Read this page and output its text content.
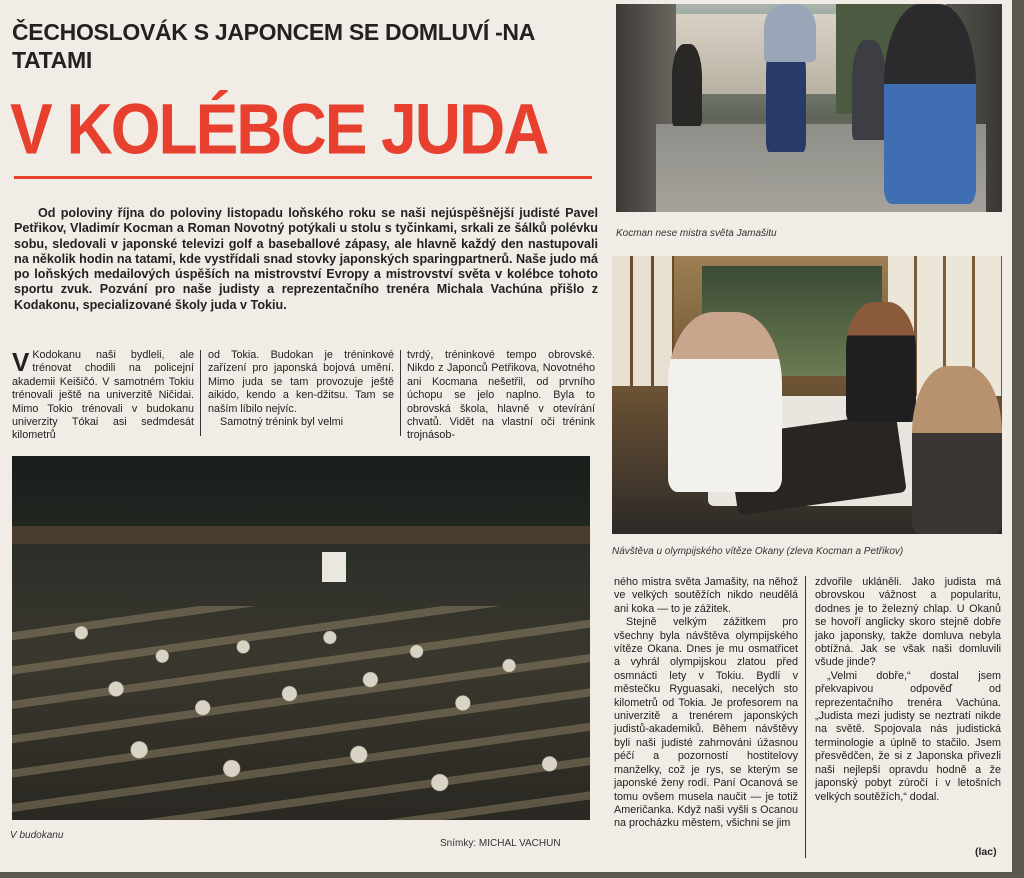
ČECHOSLOVÁK S JAPONCEM SE DOMLUVÍ -NA TATAMI
V KOLÉBCE JUDA

Od poloviny října do poloviny listopadu loňského roku se naši nejúspěšnější judisté Pavel Petřikov, Vladimír Kocman a Roman Novotný potýkali u stolu s tyčinkami, srkali ze šálků polévku sobu, sledovali v japonské televizi golf a baseballové zápasy, ale hlavně každý den nastupovali na několik hodin na tatami, kde vystřídali snad stovky japonských sparingpartnerů. Naše judo má po loňských medailových úspěších na mistrovství Evropy a mistrovství světa v kolébce tohoto sportu zvuk. Pozvání pro naše judisty a reprezentačního trenéra Michala Vachúna přišlo z Kodakonu, specializované školy juda v Tokiu.

V Kodokanu naši bydleli, ale trénovat chodili na policejní akademii Keišičó. V samotném Tokiu trénovali ještě na univerzitě Ničidai. Mimo Tokio trénovali v budokanu univerzity Tókai asi sedmdesát kilometrů

od Tokia. Budokan je tréninkové zařízení pro japonská bojová umění. Mimo juda se tam provozuje ještě aikido, kendo a ken-džitsu. Tam se naším líbilo nejvíc.

Samotný trénink byl velmi

tvrdý, tréninkové tempo obrovské. Nikdo z Japonců Petřikova, Novotného ani Kocmana nešetřil, od prvního úchopu se jelo naplno. Byla to obrovská škola, hlavně v otevírání chvatů. Vidět na vlastní oči trénink trojnásob-
Kocman nese mistra světa Jamašitu
Návštěva u olympijského vítěze Okany (zleva Kocman a Petřikov)
V budokanu
Snímky: MICHAL VACHUN

ného mistra světa Jamašity, na něhož ve velkých soutěžích nikdo neudělá ani koka — to je zážitek.

Stejně velkým zážitkem pro všechny byla návštěva olympijského vítěze Okana. Dnes je mu osmatřicet a vyhrál olympijskou zlatou před osmnácti lety v Tokiu. Bydlí v městečku Ryguasaki, necelých sto kilometrů od Tokia. Je profesorem na univerzitě a trenérem japonských judistů-akademiků. Během návštěvy byli naši judisté zahrnováni úžasnou péčí a pozorností hostitelovy manželky, což je rys, se kterým se japonské ženy rodí. Paní Ocanová se tomu ovšem musela naučit — je totiž Američanka. Když naši vyšli s Ocanou na procházku městem, všichni se jim

zdvořile ukláněli. Jako judista má obrovskou vážnost a popularitu, dodnes je to železný chlap. U Okanů se hovoří anglicky skoro stejně dobře jako japonsky, takže domluva nebyla obtížná. Jak se však naši domluvili všude jinde?

„Velmi dobře,“ dostal jsem překvapivou odpověď od reprezentačního trenéra Vachúna. „Judista mezi judisty se neztratí nikde na světě. Spojovala nás judistická terminologie a úplně to stačilo. Jsem přesvědčen, že si z Japonska přivezli naši nejlepší opravdu hodně a že japonský pobyt zúročí i v letošních velkých soutěžích,“ dodal.

(lac)
